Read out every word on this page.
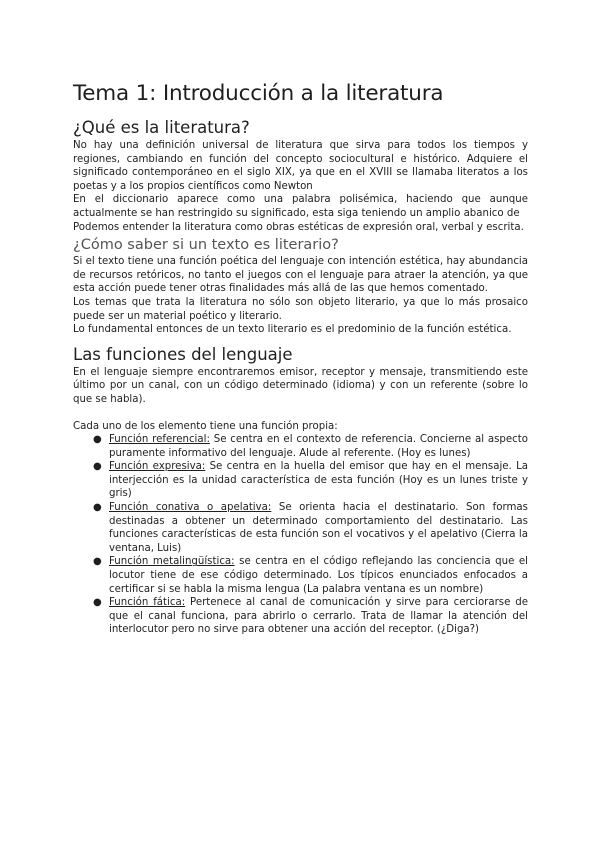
Tema 1: Introducción a la literatura
¿Qué es la literatura?

No hay una definición universal de literatura que sirva para todos los tiempos y regiones, cambiando en función del concepto sociocultural e histórico. Adquiere el significado contemporáneo en el siglo XIX, ya que en el XVIII se llamaba literatos a los poetas y a los propios científicos como Newton

En el diccionario aparece como una palabra polisémica, haciendo que aunque actualmente se han restringido su significado, esta siga teniendo un amplio abanico de

Podemos entender la literatura como obras estéticas de expresión oral, verbal y escrita.

¿Cómo saber si un texto es literario?

Si el texto tiene una función poética del lenguaje con intención estética, hay abundancia de recursos retóricos, no tanto el juegos con el lenguaje para atraer la atención, ya que esta acción puede tener otras finalidades más allá de las que hemos comentado.

Los temas que trata la literatura no sólo son objeto literario, ya que lo más prosaico puede ser un material poético y literario.

Lo fundamental entonces de un texto literario es el predominio de la función estética.

Las funciones del lenguaje

En el lenguaje siempre encontraremos emisor, receptor y mensaje, transmitiendo este último por un canal, con un código determinado (idioma) y con un referente (sobre lo que se habla).

Cada uno de los elemento tiene una función propia:

● Función referencial: Se centra en el contexto de referencia. Concierne al aspecto puramente informativo del lenguaje. Alude al referente. (Hoy es lunes)
● Función expresiva: Se centra en la huella del emisor que hay en el mensaje. La interjección es la unidad característica de esta función (Hoy es un lunes triste y gris)
● Función conativa o apelativa: Se orienta hacia el destinatario. Son formas destinadas a obtener un determinado comportamiento del destinatario. Las funciones características de esta función son el vocativos y el apelativo (Cierra la ventana, Luis)
● Función metalingüística: se centra en el código reflejando las conciencia que el locutor tiene de ese código determinado. Los típicos enunciados enfocados a certificar si se habla la misma lengua (La palabra ventana es un nombre)
● Función fática: Pertenece al canal de comunicación y sirve para cerciorarse de que el canal funciona, para abrirlo o cerrarlo. Trata de llamar la atención del interlocutor pero no sirve para obtener una acción del receptor. (¿Diga?)
